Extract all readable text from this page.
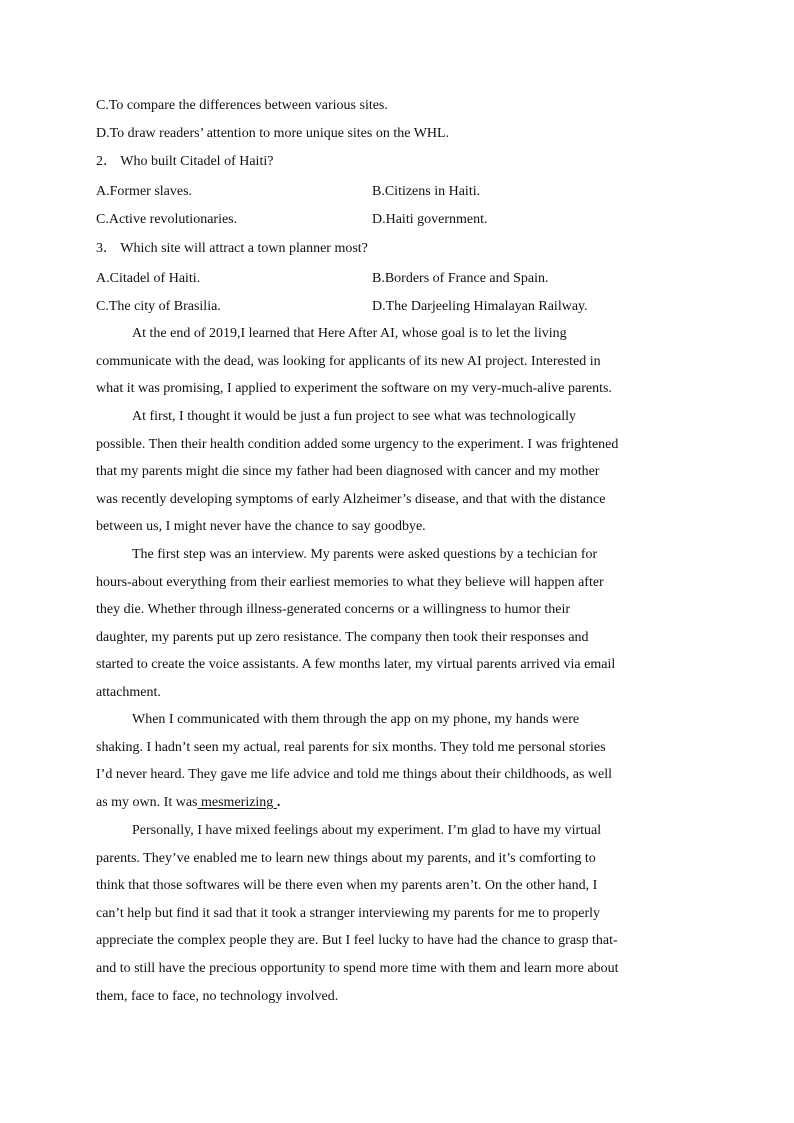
C.To compare the differences between various sites.
D.To draw readers’ attention to more unique sites on the WHL.
2． Who built Citadel of Haiti?
A.Former slaves.	B.Citizens in Haiti.
C.Active revolutionaries.	D.Haiti government.
3． Which site will attract a town planner most?
A.Citadel of Haiti.	B.Borders of France and Spain.
C.The city of Brasilia.	D.The Darjeeling Himalayan Railway.
At the end of 2019,I learned that Here After AI, whose goal is to let the living
communicate with the dead, was looking for applicants of its new AI project. Interested in
what it was promising, I applied to experiment the software on my very-much-alive parents.
At first, I thought it would be just a fun project to see what was technologically
possible. Then their health condition added some urgency to the experiment. I was frightened
that my parents might die since my father had been diagnosed with cancer and my mother
was recently developing symptoms of early Alzheimer’s disease, and that with the distance
between us, I might never have the chance to say goodbye.
The first step was an interview. My parents were asked questions by a techician for
hours-about everything from their earliest memories to what they believe will happen after
they die. Whether through illness-generated concerns or a willingness to humor their
daughter, my parents put up zero resistance. The company then took their responses and
started to create the voice assistants. A few months later, my virtual parents arrived via email
attachment.
When I communicated with them through the app on my phone, my hands were
shaking. I hadn’t seen my actual, real parents for six months. They told me personal stories
I’d never heard. They gave me life advice and told me things about their childhoods, as well
as my own. It was mesmerizing .
Personally, I have mixed feelings about my experiment. I’m glad to have my virtual
parents. They’ve enabled me to learn new things about my parents, and it’s comforting to
think that those softwares will be there even when my parents aren’t. On the other hand, I
can’t help but find it sad that it took a stranger interviewing my parents for me to properly
appreciate the complex people they are. But I feel lucky to have had the chance to grasp that-
and to still have the precious opportunity to spend more time with them and learn more about
them, face to face, no technology involved.
